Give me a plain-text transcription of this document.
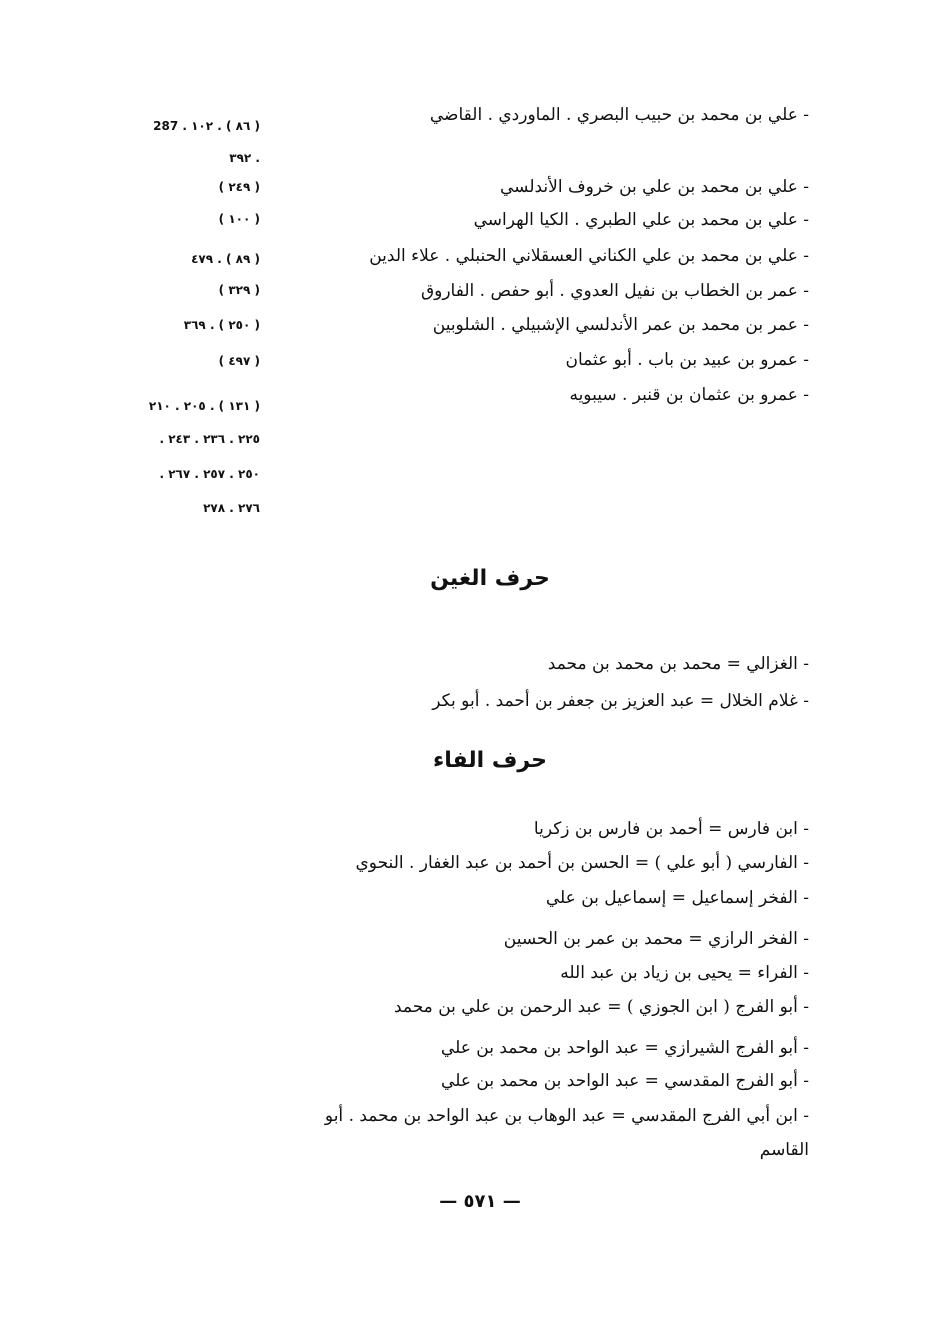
- علي بن محمد بن حبيب البصري . الماوردي . القاضي
- علي بن محمد بن علي بن خروف الأندلسي
- علي بن محمد بن علي الطبري . الكيا الهراسي
- علي بن محمد بن علي الكناني العسقلاني الحنبلي . علاء الدين
- عمر بن الخطاب بن نفيل العدوي . أبو حفص . الفاروق
- عمر بن محمد بن عمر الأندلسي الإشبيلي . الشلوبين
- عمرو بن عبيد بن باب . أبو عثمان
- عمرو بن عثمان بن قنبر . سيبويه
( ٨٦ ) . ١٠٢ . 287
. ٣٩٢
( ٢٤٩ )
( ١٠٠ )
( ٨٩ ) . ٤٧٩
( ٣٢٩ )
( ٢٥٠ ) . ٣٦٩
( ٤٩٧ )
( ١٣١ ) . ٢٠٥ . ٢١٠
٢٢٥ . ٢٣٦ . ٢٤٣ .
٢٥٠ . ٢٥٧ . ٢٦٧ .
٢٧٦ . ٢٧٨
حرف الغين
- الغزالي = محمد بن محمد بن محمد
- غلام الخلال = عبد العزيز بن جعفر بن أحمد . أبو بكر
حرف الفاء
- ابن فارس = أحمد بن فارس بن زكريا
- الفارسي ( أبو علي ) = الحسن بن أحمد بن عبد الغفار . النحوي
- الفخر إسماعيل = إسماعيل بن علي
- الفخر الرازي = محمد بن عمر بن الحسين
- الفراء = يحيى بن زياد بن عبد الله
- أبو الفرج ( ابن الجوزي ) = عبد الرحمن بن علي بن محمد
- أبو الفرج الشيرازي = عبد الواحد بن محمد بن علي
- أبو الفرج المقدسي = عبد الواحد بن محمد بن علي
- ابن أبي الفرج المقدسي = عبد الوهاب بن عبد الواحد بن محمد . أبو القاسم
— ٥٧١ —
